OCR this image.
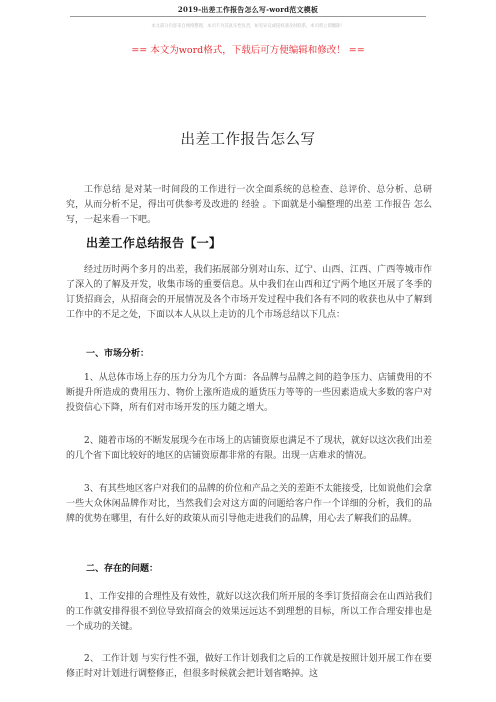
2019-出差工作报告怎么写-word范文模板
本文部分内容来自网络整理，本司不为其真实性负责，如有异议或侵权请及时联系，本司将立即删除！
== 本文为word格式，下载后可方便编辑和修改！ ==
出差工作报告怎么写

工作总结 是对某一时间段的工作进行一次全面系统的总检查、总评价、总分析、总研究，从而分析不足，得出可供参考及改进的 经验 。下面就是小编整理的出差 工作报告 怎么写，一起来看一下吧。

出差工作总结报告【一】

经过历时两个多月的出差，我们拓展部分别对山东、辽宁、山西、江西、广西等城市作了深入的了解及开发，收集市场的重要信息。从中我们在山西和辽宁两个地区开展了冬季的订货招商会，从招商会的开展情况及各个市场开发过程中我们各有不同的收获也从中了解到工作中的不足之处，下面以本人从以上走访的几个市场总结以下几点：

一、市场分析：

1、从总体市场上存的压力分为几个方面：各品牌与品牌之间的趋争压力、店铺费用的不断提升所造成的费用压力、物价上涨所造成的遁货压力等等的一些因素造成大多数的客户对投资信心下降，所有们对市场开发的压力随之增大。

2、随着市场的不断发展现今在市场上的店铺资原也满足不了现状，就好以这次我们出差的几个省下面比较好的地区的店铺资原都非常的有限。出现一店难求的情况。

3、有其些地区客户对我们的品牌的价位和产品之关的差距不太能接受，比如说他们会拿一些大众休闲品牌作对比，当然我们会对这方面的问题给客户作一个详细的分析，我们的品牌的优势在哪里，有什么好的政策从而引导他走进我们的品牌，用心去了解我们的品牌。

二、存在的问题：

1、工作安排的合理性及有效性，就好以这次我们所开展的冬季订货招商会在山西站我们的工作就安排得很不到位导致招商会的效果远远达不到理想的目标，所以工作合理安排也是一个成功的关键。

2、 工作计划 与实行性不强，做好工作计划我们之后的工作就是按照计划开展工作在要修正时对计划进行调整修正，但很多时候就会把计划省略掉。这
